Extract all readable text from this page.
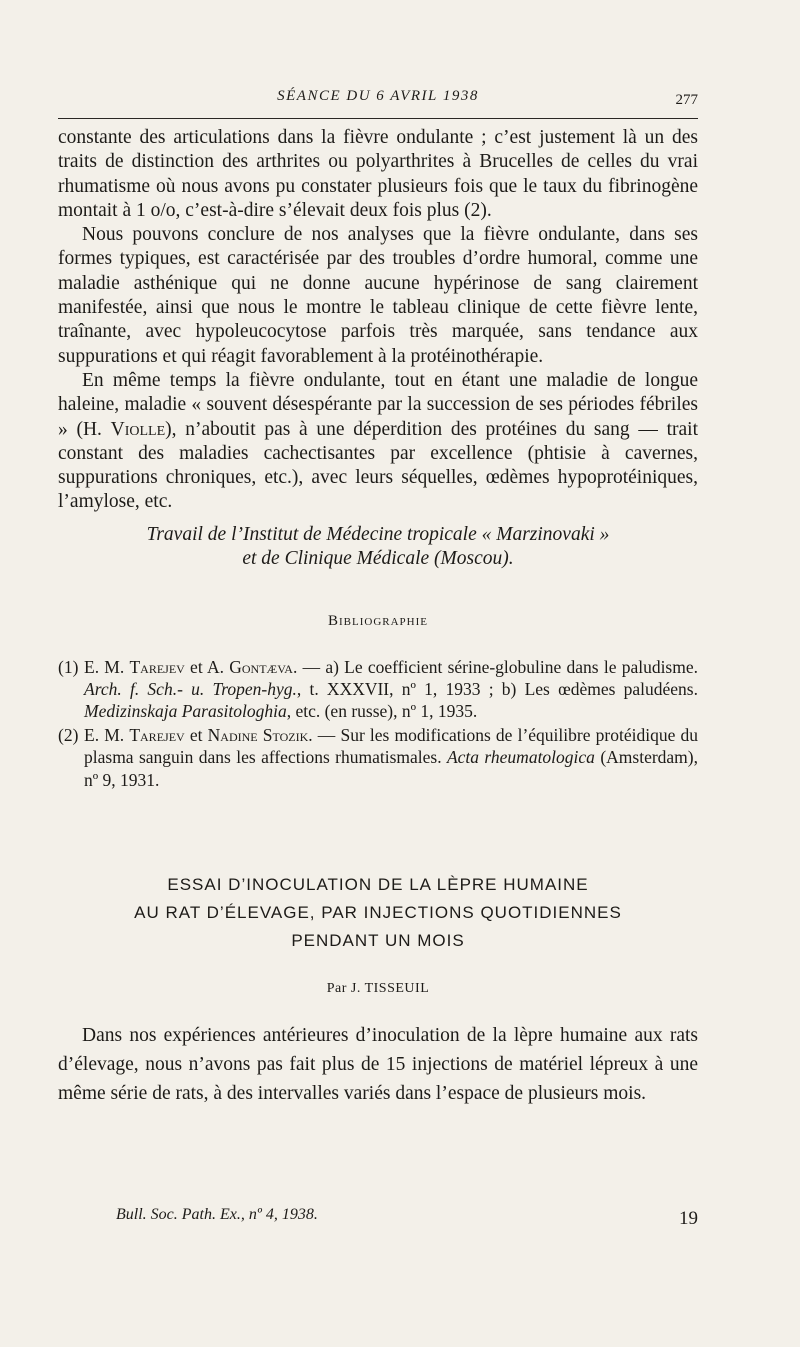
SÉANCE DU 6 AVRIL 1938	277

constante des articulations dans la fièvre ondulante ; c’est justement là un des traits de distinction des arthrites ou polyarthrites à Brucelles de celles du vrai rhumatisme où nous avons pu constater plusieurs fois que le taux du fibrinogène montait à 1 o/o, c’est-à-dire s’élevait deux fois plus (2).

Nous pouvons conclure de nos analyses que la fièvre ondulante, dans ses formes typiques, est caractérisée par des troubles d’ordre humoral, comme une maladie asthénique qui ne donne aucune hypérinose de sang clairement manifestée, ainsi que nous le montre le tableau clinique de cette fièvre lente, traînante, avec hypoleucocytose parfois très marquée, sans tendance aux suppurations et qui réagit favorablement à la protéinothérapie.

En même temps la fièvre ondulante, tout en étant une maladie de longue haleine, maladie « souvent désespérante par la succession de ses périodes fébriles » (H. Violle), n’aboutit pas à une déperdition des protéines du sang — trait constant des maladies cachectisantes par excellence (phtisie à cavernes, suppurations chroniques, etc.), avec leurs séquelles, œdèmes hypoprotéiniques, l’amylose, etc.

Travail de l’Institut de Médecine tropicale « Marzinovaki »

et de Clinique Médicale (Moscou).

Bibliographie

(1) E. M. Tarejev et A. Gontæva. — a) Le coefficient sérine-globuline dans le paludisme. Arch. f. Sch.- u. Tropen-hyg., t. XXXVII, nº 1, 1933 ; b) Les œdèmes paludéens. Medizinskaja Parasitologhia, etc. (en russe), nº 1, 1935.
(2) E. M. Tarejev et Nadine Stozik. — Sur les modifications de l’équilibre protéidique du plasma sanguin dans les affections rhumatismales. Acta rheumatologica (Amsterdam), nº 9, 1931.

ESSAI D’INOCULATION DE LA LÈPRE HUMAINE
AU RAT D’ÉLEVAGE, PAR INJECTIONS QUOTIDIENNES
PENDANT UN MOIS

Par J. TISSEUIL

Dans nos expériences antérieures d’inoculation de la lèpre humaine aux rats d’élevage, nous n’avons pas fait plus de 15 injections de matériel lépreux à une même série de rats, à des intervalles variés dans l’espace de plusieurs mois.

Bull. Soc. Path. Ex., nº 4, 1938.	19
